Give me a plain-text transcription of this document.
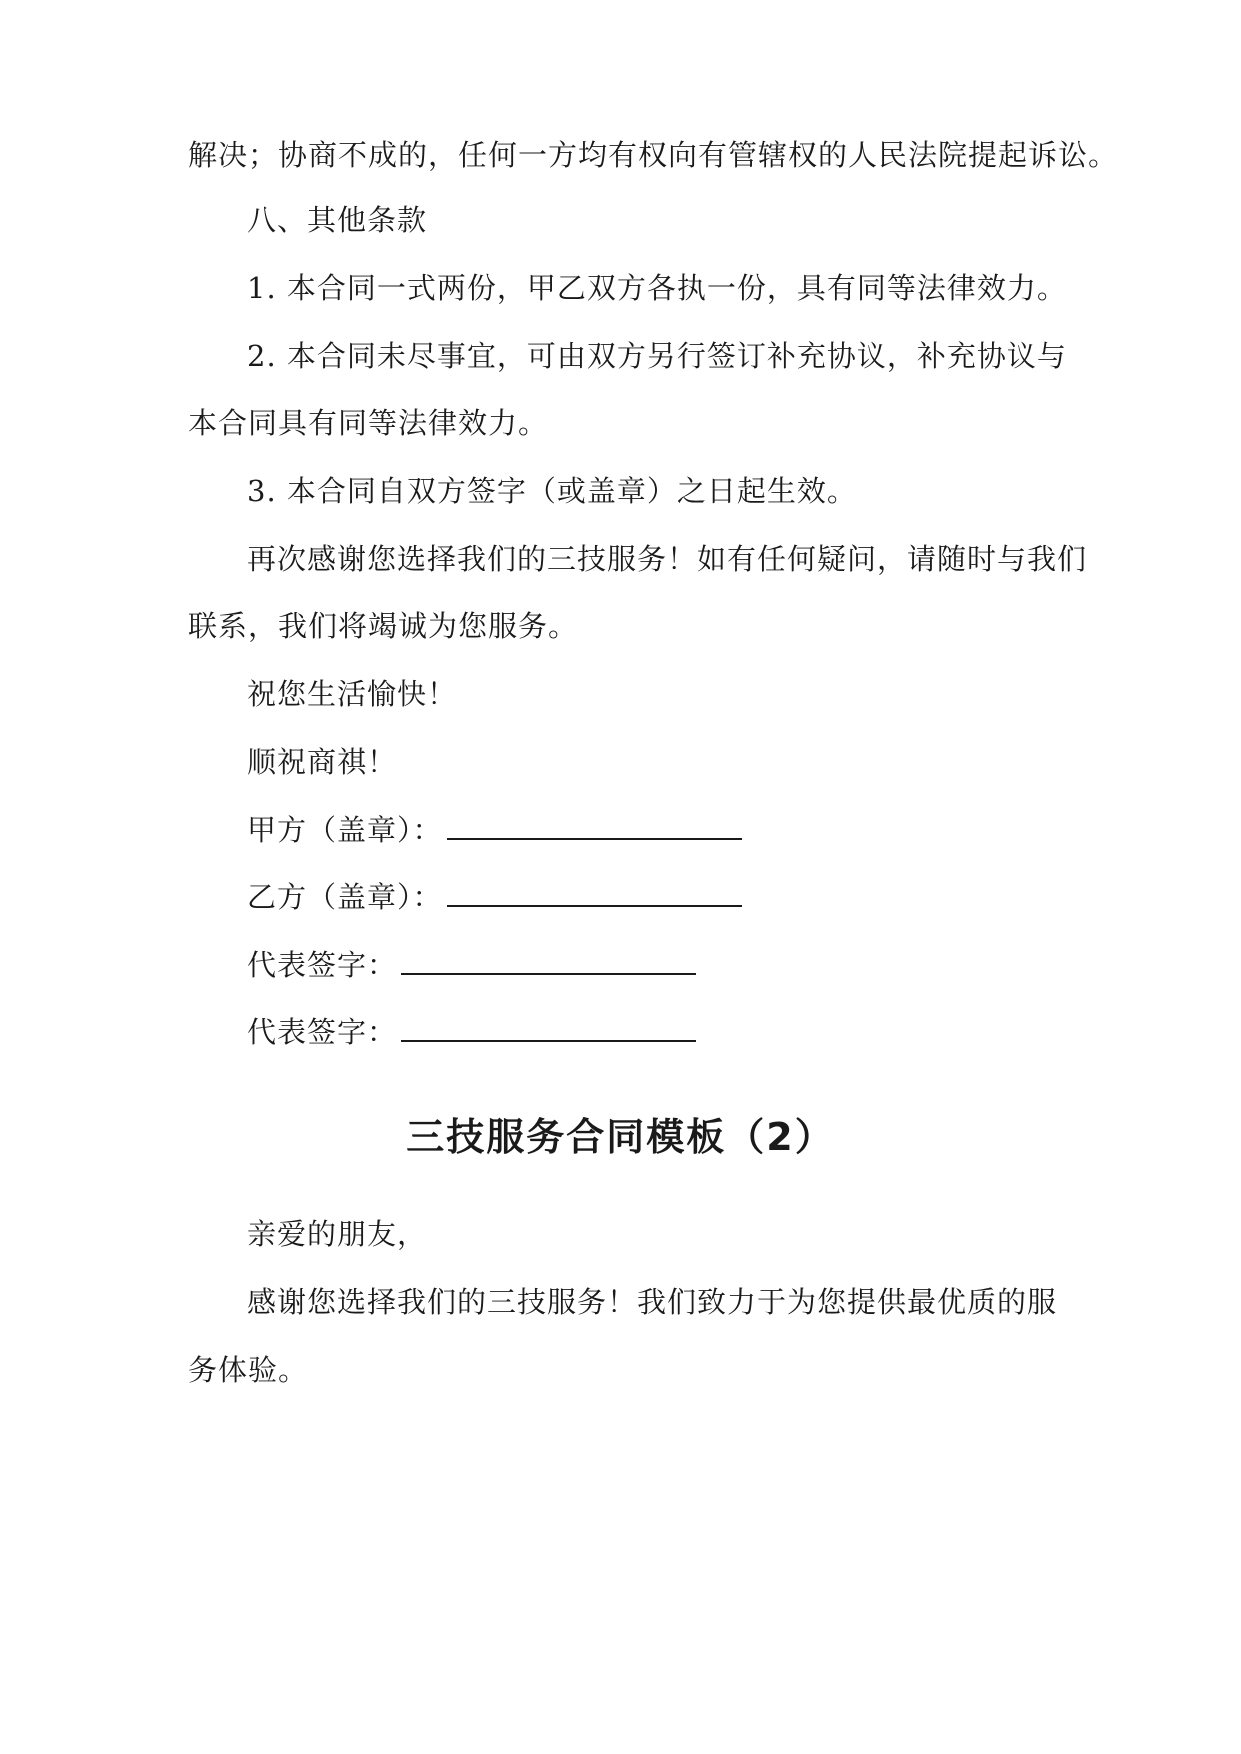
解决；协商不成的，任何一方均有权向有管辖权的人民法院提起诉讼。
八、其他条款
1. 本合同一式两份，甲乙双方各执一份，具有同等法律效力。
2. 本合同未尽事宜，可由双方另行签订补充协议，补充协议与
本合同具有同等法律效力。
3. 本合同自双方签字（或盖章）之日起生效。
再次感谢您选择我们的三技服务！如有任何疑问，请随时与我们
联系，我们将竭诚为您服务。
祝您生活愉快！
顺祝商祺！
甲方（盖章）：
乙方（盖章）：
代表签字：
代表签字：
三技服务合同模板（2）
亲爱的朋友，
感谢您选择我们的三技服务！我们致力于为您提供最优质的服
务体验。
